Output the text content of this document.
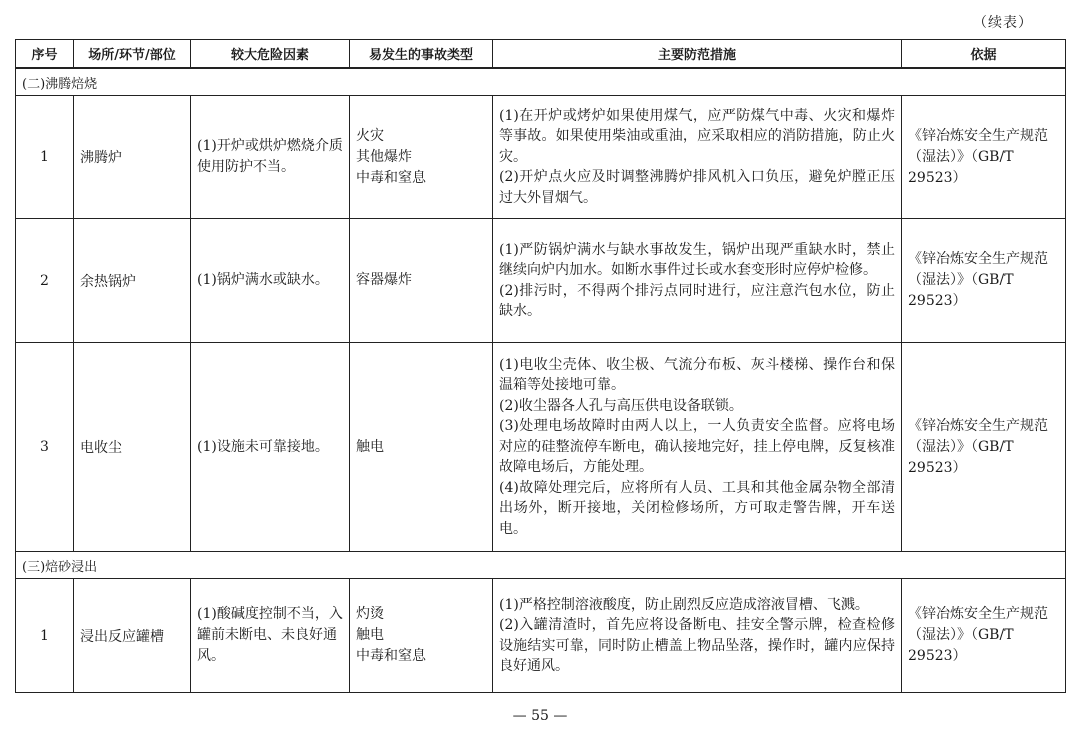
（续表）
序号	场所/环节/部位	较大危险因素	易发生的事故类型	主要防范措施	依据
(二)沸腾焙烧					
1	沸腾炉	(1)开炉或烘炉燃烧介质使用防护不当。	火灾
其他爆炸
中毒和窒息	(1)在开炉或烤炉如果使用煤气，应严防煤气中毒、火灾和爆炸等事故。如果使用柴油或重油，应采取相应的消防措施，防止火灾。
(2)开炉点火应及时调整沸腾炉排风机入口负压，避免炉膛正压过大外冒烟气。	《锌冶炼安全生产规范（湿法）》（GB/T 29523）
2	余热锅炉	(1)锅炉满水或缺水。	容器爆炸	(1)严防锅炉满水与缺水事故发生，锅炉出现严重缺水时，禁止继续向炉内加水。如断水事件过长或水套变形时应停炉检修。
(2)排污时，不得两个排污点同时进行，应注意汽包水位，防止缺水。	《锌冶炼安全生产规范（湿法）》（GB/T 29523）
3	电收尘	(1)设施未可靠接地。	触电	(1)电收尘壳体、收尘极、气流分布板、灰斗楼梯、操作台和保温箱等处接地可靠。
(2)收尘器各人孔与高压供电设备联锁。
(3)处理电场故障时由两人以上，一人负责安全监督。应将电场对应的硅整流停车断电，确认接地完好，挂上停电牌，反复核准故障电场后，方能处理。
(4)故障处理完后，应将所有人员、工具和其他金属杂物全部清出场外，断开接地，关闭检修场所，方可取走警告牌，开车送电。	《锌冶炼安全生产规范（湿法）》（GB/T 29523）
(三)焙砂浸出					
1	浸出反应罐槽	(1)酸碱度控制不当，入罐前未断电、未良好通风。	灼烫
触电
中毒和窒息	(1)严格控制溶液酸度，防止剧烈反应造成溶液冒槽、飞溅。
(2)入罐清渣时，首先应将设备断电、挂安全警示牌，检查检修设施结实可靠，同时防止槽盖上物品坠落，操作时，罐内应保持良好通风。	《锌冶炼安全生产规范（湿法）》（GB/T 29523）
— 55 —
